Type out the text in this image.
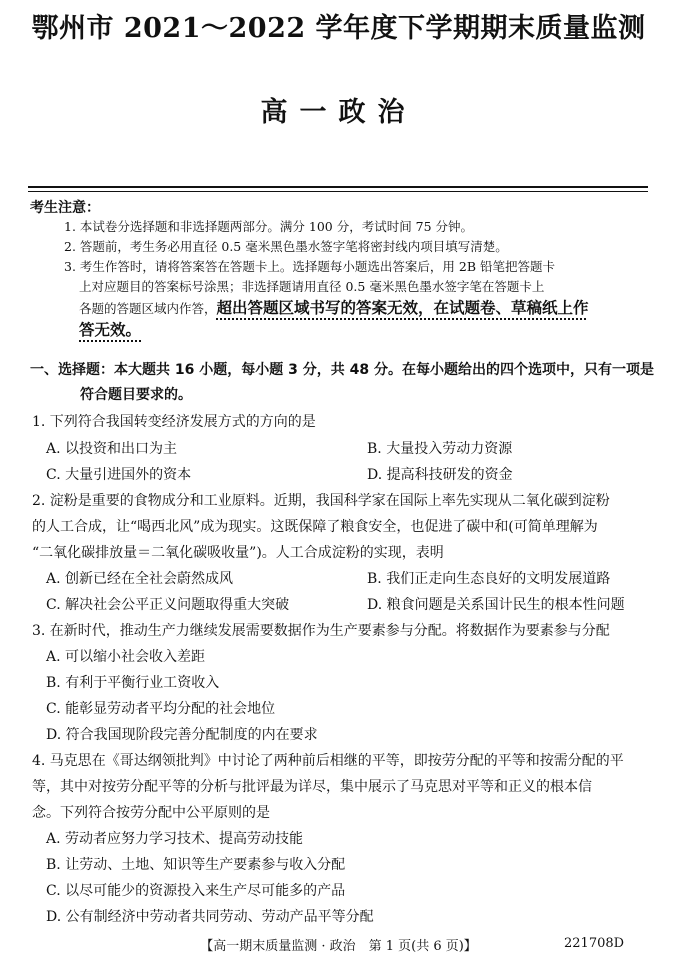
鄂州市 2021～2022 学年度下学期期末质量监测
高一政治
考生注意：
1. 本试卷分选择题和非选择题两部分。满分 100 分，考试时间 75 分钟。
2. 答题前，考生务必用直径 0.5 毫米黑色墨水签字笔将密封线内项目填写清楚。
3. 考生作答时，请将答案答在答题卡上。选择题每小题选出答案后，用 2B 铅笔把答题卡
上对应题目的答案标号涂黑；非选择题请用直径 0.5 毫米黑色墨水签字笔在答题卡上
各题的答题区域内作答，超出答题区域书写的答案无效，在试题卷、草稿纸上作
答无效。
一、选择题：本大题共 16 小题，每小题 3 分，共 48 分。在每小题给出的四个选项中，只有一项是
符合题目要求的。
1. 下列符合我国转变经济发展方式的方向的是
A. 以投资和出口为主	B. 大量投入劳动力资源
C. 大量引进国外的资本	D. 提高科技研发的资金
2. 淀粉是重要的食物成分和工业原料。近期，我国科学家在国际上率先实现从二氧化碳到淀粉
的人工合成，让“喝西北风”成为现实。这既保障了粮食安全，也促进了碳中和(可简单理解为
“二氧化碳排放量＝二氧化碳吸收量”)。人工合成淀粉的实现，表明
A. 创新已经在全社会蔚然成风	B. 我们正走向生态良好的文明发展道路
C. 解决社会公平正义问题取得重大突破	D. 粮食问题是关系国计民生的根本性问题
3. 在新时代，推动生产力继续发展需要数据作为生产要素参与分配。将数据作为要素参与分配
A. 可以缩小社会收入差距
B. 有利于平衡行业工资收入
C. 能彰显劳动者平均分配的社会地位
D. 符合我国现阶段完善分配制度的内在要求
4. 马克思在《哥达纲领批判》中讨论了两种前后相继的平等，即按劳分配的平等和按需分配的平
等，其中对按劳分配平等的分析与批评最为详尽，集中展示了马克思对平等和正义的根本信
念。下列符合按劳分配中公平原则的是
A. 劳动者应努力学习技术、提高劳动技能
B. 让劳动、土地、知识等生产要素参与收入分配
C. 以尽可能少的资源投入来生产尽可能多的产品
D. 公有制经济中劳动者共同劳动、劳动产品平等分配
【高一期末质量监测 · 政治　第 1 页(共 6 页)】	221708D
